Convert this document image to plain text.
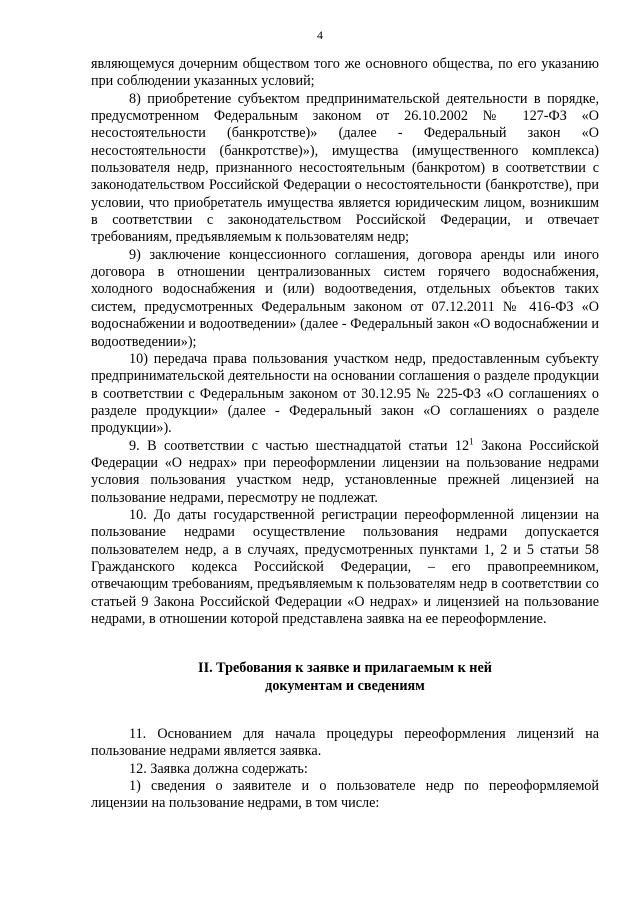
4

являющемуся дочерним обществом того же основного общества, по его указанию при соблюдении указанных условий;

8) приобретение субъектом предпринимательской деятельности в порядке, предусмотренном Федеральным законом от 26.10.2002 № 127-ФЗ «О несостоятельности (банкротстве)» (далее - Федеральный закон «О несостоятельности (банкротстве)»), имущества (имущественного комплекса) пользователя недр, признанного несостоятельным (банкротом) в соответствии с законодательством Российской Федерации о несостоятельности (банкротстве), при условии, что приобретатель имущества является юридическим лицом, возникшим в соответствии с законодательством Российской Федерации, и отвечает требованиям, предъявляемым к пользователям недр;

9) заключение концессионного соглашения, договора аренды или иного договора в отношении централизованных систем горячего водоснабжения, холодного водоснабжения и (или) водоотведения, отдельных объектов таких систем, предусмотренных Федеральным законом от 07.12.2011 № 416-ФЗ «О водоснабжении и водоотведении» (далее - Федеральный закон «О водоснабжении и водоотведении»);

10) передача права пользования участком недр, предоставленным субъекту предпринимательской деятельности на основании соглашения о разделе продукции в соответствии с Федеральным законом от 30.12.95 № 225-ФЗ «О соглашениях о разделе продукции» (далее - Федеральный закон «О соглашениях о разделе продукции»).

9. В соответствии с частью шестнадцатой статьи $12^1$ Закона Российской Федерации «О недрах» при переоформлении лицензии на пользование недрами условия пользования участком недр, установленные прежней лицензией на пользование недрами, пересмотру не подлежат.

10. До даты государственной регистрации переоформленной лицензии на пользование недрами осуществление пользования недрами допускается пользователем недр, а в случаях, предусмотренных пунктами 1, 2 и 5 статьи 58 Гражданского кодекса Российской Федерации, – его правопреемником, отвечающим требованиям, предъявляемым к пользователям недр в соответствии со статьей 9 Закона Российской Федерации «О недрах» и лицензией на пользование недрами, в отношении которой представлена заявка на ее переоформление.

II. Требования к заявке и прилагаемым к ней
документам и сведениям

11. Основанием для начала процедуры переоформления лицензий на пользование недрами является заявка.

12. Заявка должна содержать:

1) сведения о заявителе и о пользователе недр по переоформляемой лицензии на пользование недрами, в том числе:
